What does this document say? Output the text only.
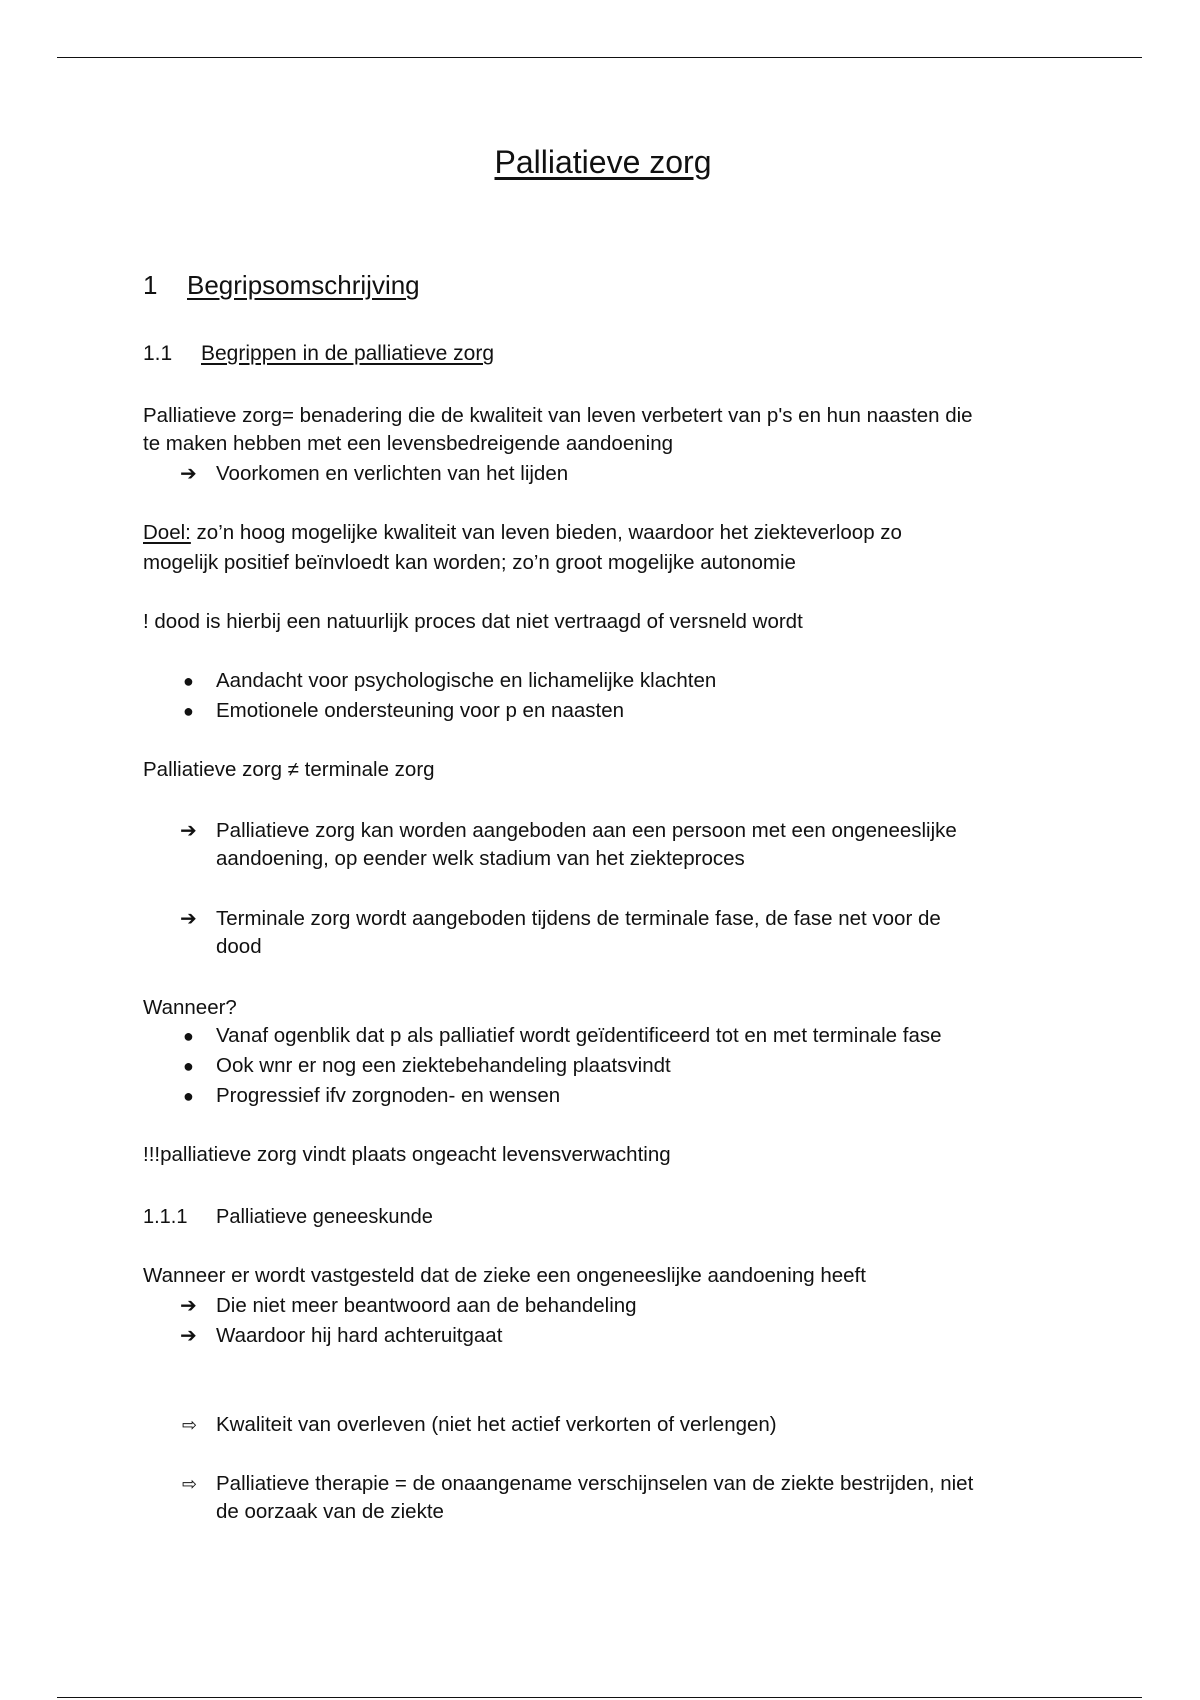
Palliatieve zorg
1 Begripsomschrijving
1.1 Begrippen in de palliatieve zorg
Palliatieve zorg= benadering die de kwaliteit van leven verbetert van p's en hun naasten die
te maken hebben met een levensbedreigende aandoening
➔ Voorkomen en verlichten van het lijden
Doel: zo’n hoog mogelijke kwaliteit van leven bieden, waardoor het ziekteverloop zo
mogelijk positief beïnvloedt kan worden; zo’n groot mogelijke autonomie
! dood is hierbij een natuurlijk proces dat niet vertraagd of versneld wordt
●	Aandacht voor psychologische en lichamelijke klachten
●	Emotionele ondersteuning voor p en naasten
Palliatieve zorg ≠ terminale zorg
➔ Palliatieve zorg kan worden aangeboden aan een persoon met een ongeneeslijke
aandoening, op eender welk stadium van het ziekteproces
➔ Terminale zorg wordt aangeboden tijdens de terminale fase, de fase net voor de
dood
Wanneer?
●	Vanaf ogenblik dat p als palliatief wordt geïdentificeerd tot en met terminale fase
●	Ook wnr er nog een ziektebehandeling plaatsvindt
●	Progressief ifv zorgnoden- en wensen
!!!palliatieve zorg vindt plaats ongeacht levensverwachting
1.1.1 Palliatieve geneeskunde
Wanneer er wordt vastgesteld dat de zieke een ongeneeslijke aandoening heeft
➔ Die niet meer beantwoord aan de behandeling
➔ Waardoor hij hard achteruitgaat
⇨ Kwaliteit van overleven (niet het actief verkorten of verlengen)
⇨ Palliatieve therapie = de onaangename verschijnselen van de ziekte bestrijden, niet
de oorzaak van de ziekte
